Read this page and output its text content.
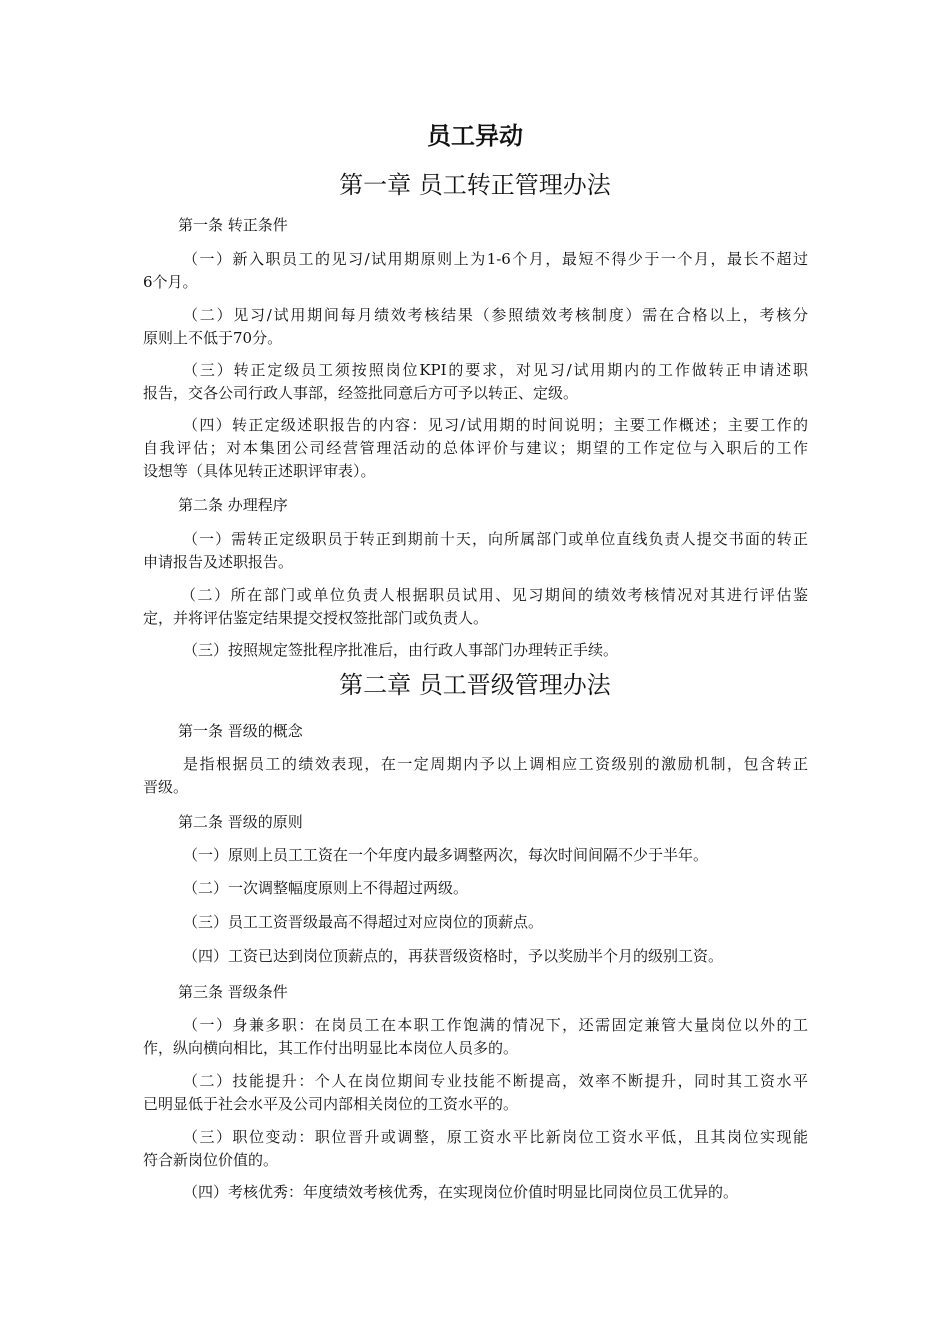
员工异动
第一章 员工转正管理办法
第一条 转正条件
（一）新入职员工的见习/试用期原则上为1-6个月，最短不得少于一个月，最长不超过
6个月。
（二）见习/试用期间每月绩效考核结果（参照绩效考核制度）需在合格以上，考核分
原则上不低于70分。
（三）转正定级员工须按照岗位KPI的要求，对见习/试用期内的工作做转正申请述职
报告，交各公司行政人事部，经签批同意后方可予以转正、定级。
（四）转正定级述职报告的内容：见习/试用期的时间说明；主要工作概述；主要工作的
自我评估；对本集团公司经营管理活动的总体评价与建议；期望的工作定位与入职后的工作
设想等（具体见转正述职评审表）。
第二条 办理程序
（一）需转正定级职员于转正到期前十天，向所属部门或单位直线负责人提交书面的转正
申请报告及述职报告。
（二）所在部门或单位负责人根据职员试用、见习期间的绩效考核情况对其进行评估鉴
定，并将评估鉴定结果提交授权签批部门或负责人。
（三）按照规定签批程序批准后，由行政人事部门办理转正手续。
第二章 员工晋级管理办法
第一条 晋级的概念
是指根据员工的绩效表现，在一定周期内予以上调相应工资级别的激励机制，包含转正
晋级。
第二条 晋级的原则
（一）原则上员工工资在一个年度内最多调整两次，每次时间间隔不少于半年。
（二）一次调整幅度原则上不得超过两级。
（三）员工工资晋级最高不得超过对应岗位的顶薪点。
（四）工资已达到岗位顶薪点的，再获晋级资格时，予以奖励半个月的级别工资。
第三条 晋级条件
（一）身兼多职：在岗员工在本职工作饱满的情况下，还需固定兼管大量岗位以外的工
作，纵向横向相比，其工作付出明显比本岗位人员多的。
（二）技能提升：个人在岗位期间专业技能不断提高，效率不断提升，同时其工资水平
已明显低于社会水平及公司内部相关岗位的工资水平的。
（三）职位变动：职位晋升或调整，原工资水平比新岗位工资水平低，且其岗位实现能
符合新岗位价值的。
（四）考核优秀：年度绩效考核优秀，在实现岗位价值时明显比同岗位员工优异的。
